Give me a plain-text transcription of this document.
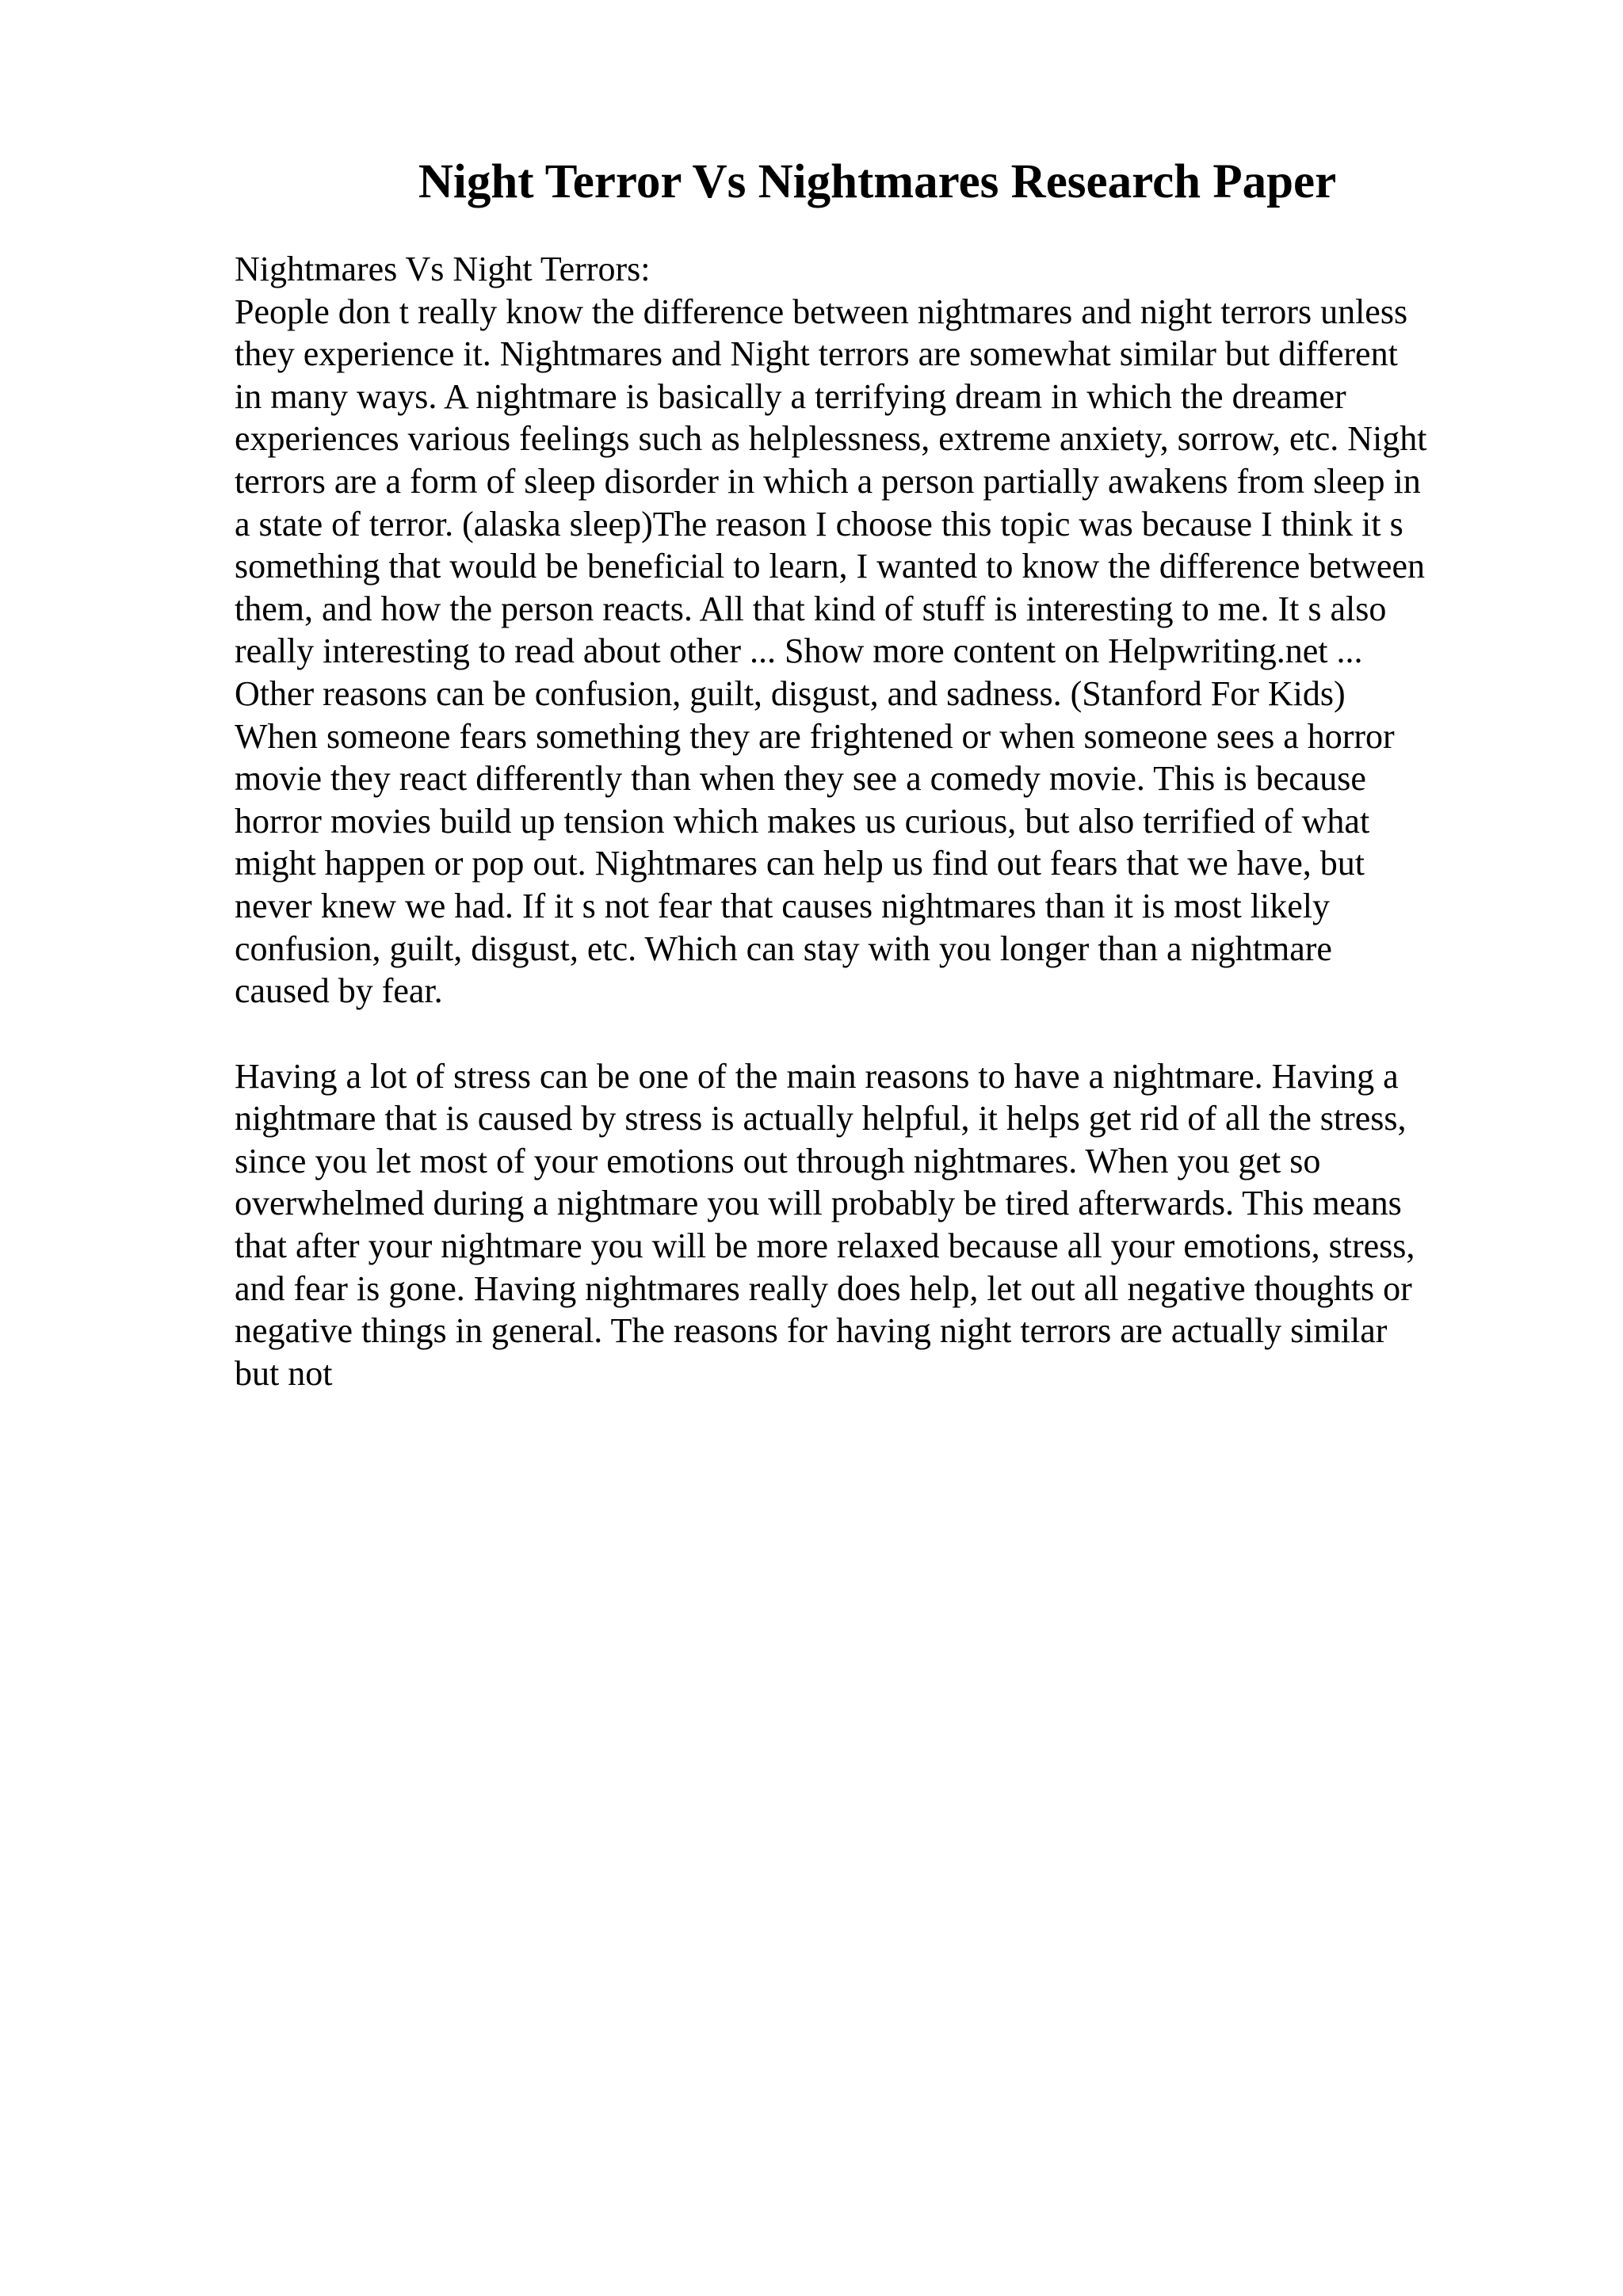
Night Terror Vs Nightmares Research Paper
Nightmares Vs Night Terrors:
People don t really know the difference between nightmares and night terrors unless
they experience it. Nightmares and Night terrors are somewhat similar but different
in many ways. A nightmare is basically a terrifying dream in which the dreamer
experiences various feelings such as helplessness, extreme anxiety, sorrow, etc. Night
terrors are a form of sleep disorder in which a person partially awakens from sleep in
a state of terror. (alaska sleep)The reason I choose this topic was because I think it s
something that would be beneficial to learn, I wanted to know the difference between
them, and how the person reacts. All that kind of stuff is interesting to me. It s also
really interesting to read about other ... Show more content on Helpwriting.net ...
Other reasons can be confusion, guilt, disgust, and sadness. (Stanford For Kids)
When someone fears something they are frightened or when someone sees a horror
movie they react differently than when they see a comedy movie. This is because
horror movies build up tension which makes us curious, but also terrified of what
might happen or pop out. Nightmares can help us find out fears that we have, but
never knew we had. If it s not fear that causes nightmares than it is most likely
confusion, guilt, disgust, etc. Which can stay with you longer than a nightmare
caused by fear.
Having a lot of stress can be one of the main reasons to have a nightmare. Having a
nightmare that is caused by stress is actually helpful, it helps get rid of all the stress,
since you let most of your emotions out through nightmares. When you get so
overwhelmed during a nightmare you will probably be tired afterwards. This means
that after your nightmare you will be more relaxed because all your emotions, stress,
and fear is gone. Having nightmares really does help, let out all negative thoughts or
negative things in general. The reasons for having night terrors are actually similar
but not
